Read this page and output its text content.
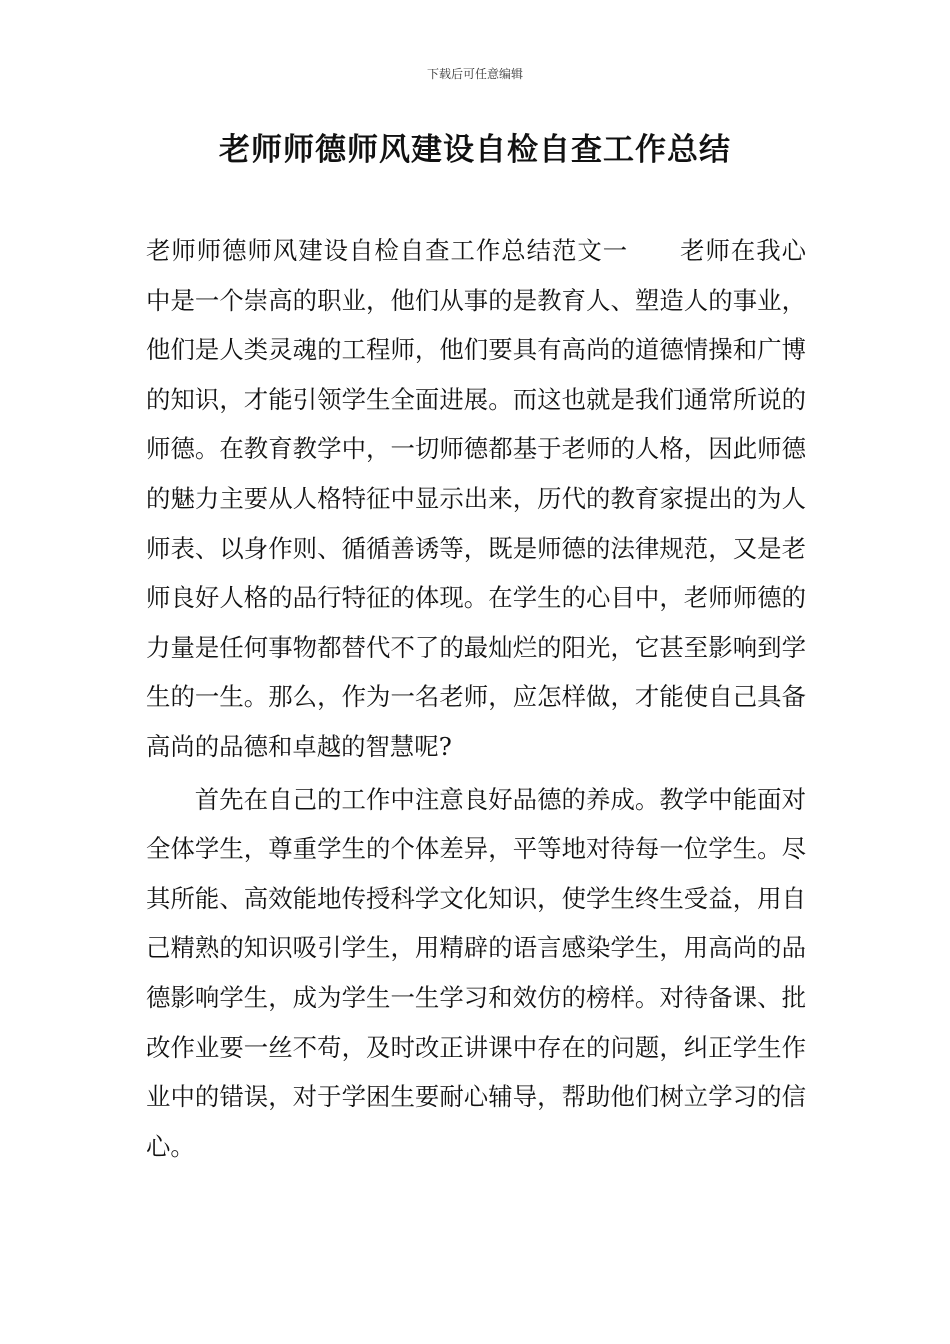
下载后可任意编辑
老师师德师风建设自检自查工作总结

老师师德师风建设自检自查工作总结范文一 老师在我心中是一个崇高的职业，他们从事的是教育人、塑造人的事业，他们是人类灵魂的工程师，他们要具有高尚的道德情操和广博的知识，才能引领学生全面进展。而这也就是我们通常所说的师德。在教育教学中，一切师德都基于老师的人格，因此师德的魅力主要从人格特征中显示出来，历代的教育家提出的为人师表、以身作则、循循善诱等，既是师德的法律规范，又是老师良好人格的品行特征的体现。在学生的心目中，老师师德的力量是任何事物都替代不了的最灿烂的阳光，它甚至影响到学生的一生。那么，作为一名老师，应怎样做，才能使自己具备高尚的品德和卓越的智慧呢?

首先在自己的工作中注意良好品德的养成。教学中能面对全体学生，尊重学生的个体差异，平等地对待每一位学生。尽其所能、高效能地传授科学文化知识，使学生终生受益，用自己精熟的知识吸引学生，用精辟的语言感染学生，用高尚的品德影响学生，成为学生一生学习和效仿的榜样。对待备课、批改作业要一丝不苟，及时改正讲课中存在的问题，纠正学生作业中的错误，对于学困生要耐心辅导，帮助他们树立学习的信心。
